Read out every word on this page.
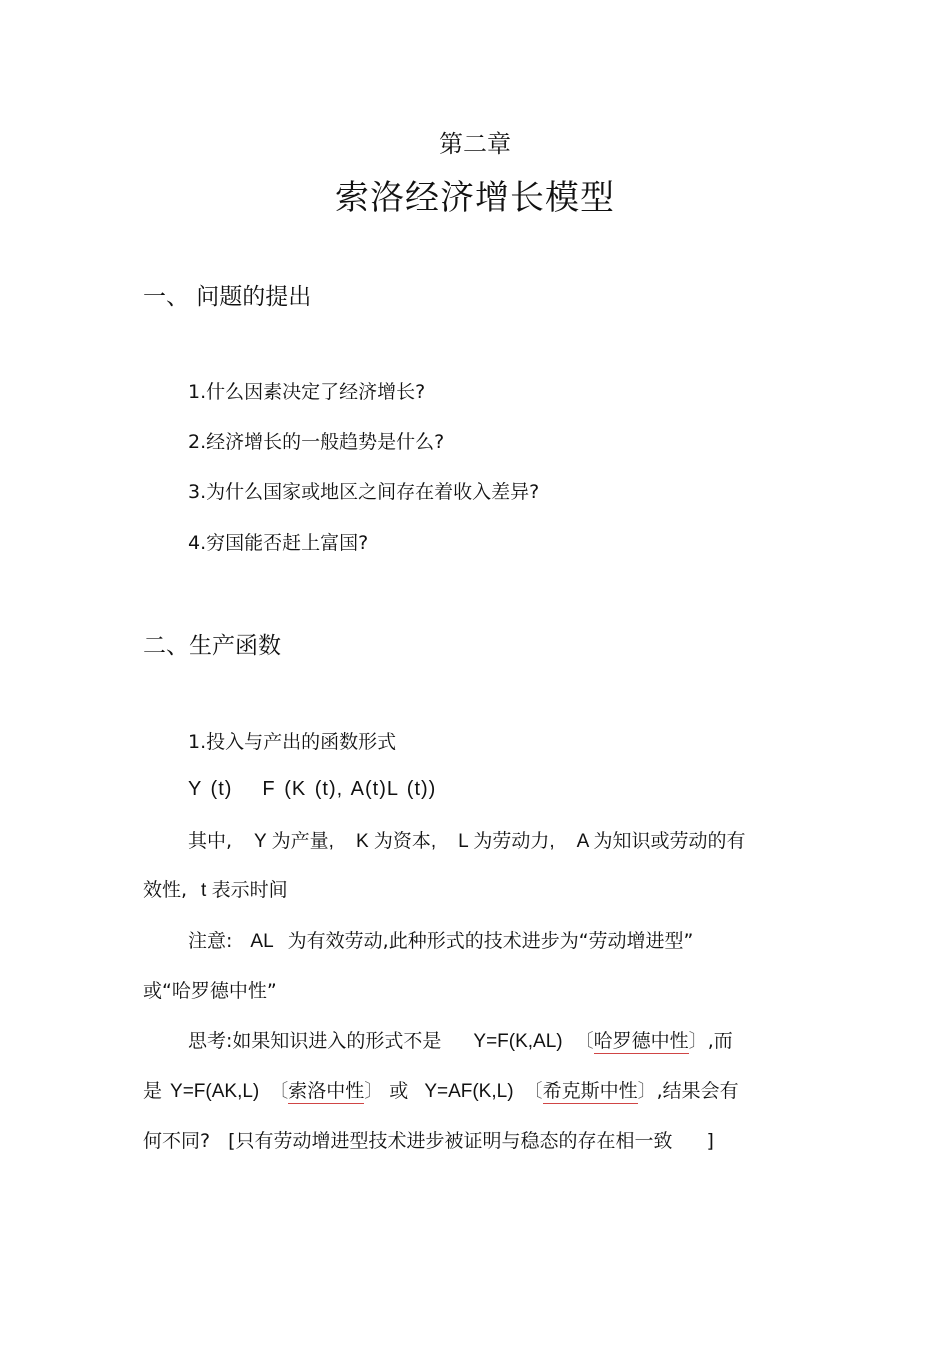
第二章
索洛经济增长模型
一、 问题的提出
1.什么因素决定了经济增长?
2.经济增长的一般趋势是什么?
3.为什么国家或地区之间存在着收入差异?
4.穷国能否赶上富国?
二、生产函数
1.投入与产出的函数形式
Y (t) F (K (t), A(t)L (t))
其中, Y 为产量, K 为资本, L 为劳动力, A 为知识或劳动的有
效性, t 表示时间
注意: AL 为有效劳动,此种形式的技术进步为“劳动增进型”
或“哈罗德中性”
思考:如果知识进入的形式不是 Y=F(K,AL) 〔哈罗德中性〕,而
是 Y=F(AK,L) 〔索洛中性〕 或 Y=AF(K,L) 〔希克斯中性〕,结果会有
何不同? [只有劳动增进型技术进步被证明与稳态的存在相一致 ]
